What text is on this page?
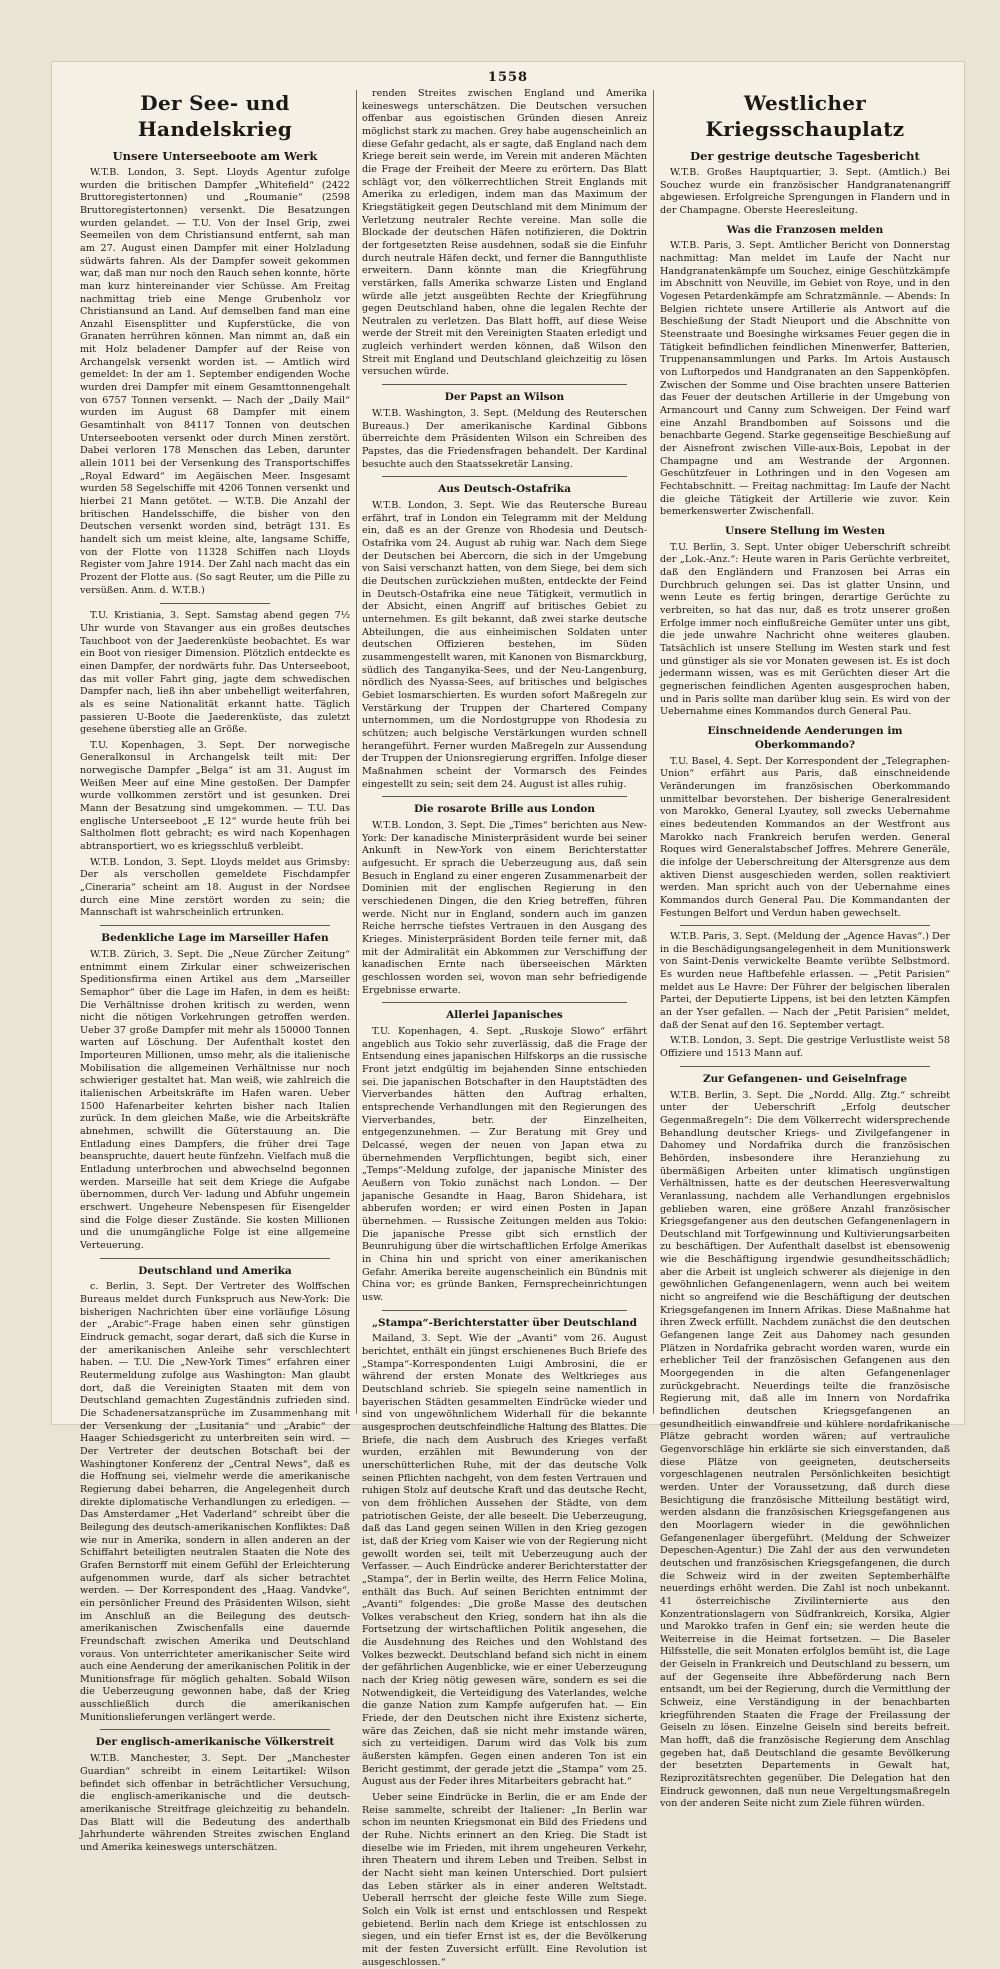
1558
Der See- und Handelskrieg
Unsere Unterseeboote am Werk

W.T.B. London, 3. Sept. Lloyds Agentur zufolge wurden die britischen Dampfer „Whitefield“ (2422 Bruttoregistertonnen) und „Roumanie“ (2598 Bruttoregistertonnen) versenkt. Die Besatzungen wurden gelandet. — T.U. Von der Insel Grip, zwei Seemeilen von dem Christiansund entfernt, sah man am 27. August einen Dampfer mit einer Holzladung südwärts fahren. Als der Dampfer soweit gekommen war, daß man nur noch den Rauch sehen konnte, hörte man kurz hintereinander vier Schüsse. Am Freitag nachmittag trieb eine Menge Grubenholz vor Christiansund an Land. Auf demselben fand man eine Anzahl Eisensplitter und Kupferstücke, die von Granaten herrühren können. Man nimmt an, daß ein mit Holz beladener Dampfer auf der Reise von Archangelsk versenkt worden ist. — Amtlich wird gemeldet: In der am 1. September endigenden Woche wurden drei Dampfer mit einem Gesamttonnengehalt von 6757 Tonnen versenkt. — Nach der „Daily Mail“ wurden im August 68 Dampfer mit einem Gesamtinhalt von 84117 Tonnen von deutschen Unterseebooten versenkt oder durch Minen zerstört. Dabei verloren 178 Menschen das Leben, darunter allein 1011 bei der Versenkung des Transportschiffes „Royal Edward“ im Aegäischen Meer. Insgesamt wurden 58 Segelschiffe mit 4206 Tonnen versenkt und hierbei 21 Mann getötet. — W.T.B. Die Anzahl der britischen Handelsschiffe, die bisher von den Deutschen versenkt worden sind, beträgt 131. Es handelt sich um meist kleine, alte, langsame Schiffe, von der Flotte von 11328 Schiffen nach Lloyds Register vom Jahre 1914. Der Zahl nach macht das ein Prozent der Flotte aus. (So sagt Reuter, um die Pille zu versüßen. Anm. d. W.T.B.)

T.U. Kristiania, 3. Sept. Samstag abend gegen 7½ Uhr wurde von Stavanger aus ein großes deutsches Tauchboot von der Jaederenküste beobachtet. Es war ein Boot von riesiger Dimension. Plötzlich entdeckte es einen Dampfer, der nordwärts fuhr. Das Unterseeboot, das mit voller Fahrt ging, jagte dem schwedischen Dampfer nach, ließ ihn aber unbehelligt weiterfahren, als es seine Nationalität erkannt hatte. Täglich passieren U-Boote die Jaederenküste, das zuletzt gesehene überstieg alle an Größe.

T.U. Kopenhagen, 3. Sept. Der norwegische Generalkonsul in Archangelsk teilt mit: Der norwegische Dampfer „Belga“ ist am 31. August im Weißen Meer auf eine Mine gestoßen. Der Dampfer wurde vollkommen zerstört und ist gesunken. Drei Mann der Besatzung sind umgekommen. — T.U. Das englische Unterseeboot „E 12“ wurde heute früh bei Saltholmen flott gebracht; es wird nach Kopenhagen abtransportiert, wo es kriegsschluß verbleibt.

W.T.B. London, 3. Sept. Lloyds meldet aus Grimsby: Der als verschollen gemeldete Fischdampfer „Cineraria“ scheint am 18. August in der Nordsee durch eine Mine zerstört worden zu sein; die Mannschaft ist wahrscheinlich ertrunken.

Bedenkliche Lage im Marseiller Hafen

W.T.B. Zürich, 3. Sept. Die „Neue Zürcher Zeitung“ entnimmt einem Zirkular einer schweizerischen Speditionsfirma einen Artikel aus dem „Marseiller Semaphor“ über die Lage im Hafen, in dem es heißt: Die Verhältnisse drohen kritisch zu werden, wenn nicht die nötigen Vorkehrungen getroffen werden. Ueber 37 große Dampfer mit mehr als 150000 Tonnen warten auf Löschung. Der Aufenthalt kostet den Importeuren Millionen, umso mehr, als die italienische Mobilisation die allgemeinen Verhältnisse nur noch schwieriger gestaltet hat. Man weiß, wie zahlreich die italienischen Arbeitskräfte im Hafen waren. Ueber 1500 Hafenarbeiter kehrten bisher nach Italien zurück. In dem gleichen Maße, wie die Arbeitskräfte abnehmen, schwillt die Güterstauung an. Die Entladung eines Dampfers, die früher drei Tage beanspruchte, dauert heute fünfzehn. Vielfach muß die Entladung unterbrochen und abwechselnd begonnen werden. Marseille hat seit dem Kriege die Aufgabe übernommen, durch Ver- ladung und Abfuhr ungemein erschwert. Ungeheure Nebenspesen für Eisengelder sind die Folge dieser Zustände. Sie kosten Millionen und die unumgängliche Folge ist eine allgemeine Verteuerung.

Deutschland und Amerika

c. Berlin, 3. Sept. Der Vertreter des Wolffschen Bureaus meldet durch Funkspruch aus New-York: Die bisherigen Nachrichten über eine vorläufige Lösung der „Arabic“-Frage haben einen sehr günstigen Eindruck gemacht, sogar derart, daß sich die Kurse in der amerikanischen Anleihe sehr verschlechtert haben. — T.U. Die „New-York Times“ erfahren einer Reutermeldung zufolge aus Washington: Man glaubt dort, daß die Vereinigten Staaten mit dem von Deutschland gemachten Zugeständnis zufrieden sind. Die Schadenersatzansprüche im Zusammenhang mit der Versenkung der „Lusitania“ und „Arabic“ der Haager Schiedsgericht zu unterbreiten sein wird. — Der Vertreter der deutschen Botschaft bei der Washingtoner Konferenz der „Central News“, daß es die Hoffnung sei, vielmehr werde die amerikanische Regierung dabei beharren, die Angelegenheit durch direkte diplomatische Verhandlungen zu erledigen. — Das Amsterdamer „Het Vaderland“ schreibt über die Beilegung des deutsch-amerikanischen Konfliktes: Daß wie nur in Amerika, sondern in allen anderen an der Schiffahrt beteiligten neutralen Staaten die Note des Grafen Bernstorff mit einem Gefühl der Erleichterung aufgenommen wurde, darf als sicher betrachtet werden. — Der Korrespondent des „Haag. Vandvke“, ein persönlicher Freund des Präsidenten Wilson, sieht im Anschluß an die Beilegung des deutsch-amerikanischen Zwischenfalls eine dauernde Freundschaft zwischen Amerika und Deutschland voraus. Von unterrichteter amerikanischer Seite wird auch eine Aenderung der amerikanischen Politik in der Munitionsfrage für möglich gehalten. Sobald Wilson die Ueberzeugung gewonnen habe, daß der Krieg ausschließlich durch die amerikanischen Munitionslieferungen verlängert werde.

Der englisch-amerikanische Völkerstreit

W.T.B. Manchester, 3. Sept. Der „Manchester Guardian“ schreibt in einem Leitartikel: Wilson befindet sich offenbar in beträchtlicher Versuchung, die englisch-amerikanische und die deutsch-amerikanische Streitfrage gleichzeitig zu behandeln. Das Blatt will die Bedeutung des anderthalb Jahrhunderte währenden Streites zwischen England und Amerika keineswegs unterschätzen.

renden Streites zwischen England und Amerika keineswegs unterschätzen. Die Deutschen versuchen offenbar aus egoistischen Gründen diesen Anreiz möglichst stark zu machen. Grey habe augenscheinlich an diese Gefahr gedacht, als er sagte, daß England nach dem Kriege bereit sein werde, im Verein mit anderen Mächten die Frage der Freiheit der Meere zu erörtern. Das Blatt schlägt vor, den völkerrechtlichen Streit Englands mit Amerika zu erledigen, indem man das Maximum der Kriegstätigkeit gegen Deutschland mit dem Minimum der Verletzung neutraler Rechte vereine. Man solle die Blockade der deutschen Häfen notifizieren, die Doktrin der fortgesetzten Reise ausdehnen, sodaß sie die Einfuhr durch neutrale Häfen deckt, und ferner die Bannguthliste erweitern. Dann könnte man die Kriegführung verstärken, falls Amerika schwarze Listen und England würde alle jetzt ausgeübten Rechte der Kriegführung gegen Deutschland haben, ohne die legalen Rechte der Neutralen zu verletzen. Das Blatt hofft, auf diese Weise werde der Streit mit den Vereinigten Staaten erledigt und zugleich verhindert werden können, daß Wilson den Streit mit England und Deutschland gleichzeitig zu lösen versuchen würde.

Der Papst an Wilson

W.T.B. Washington, 3. Sept. (Meldung des Reuterschen Bureaus.) Der amerikanische Kardinal Gibbons überreichte dem Präsidenten Wilson ein Schreiben des Papstes, das die Friedensfragen behandelt. Der Kardinal besuchte auch den Staatssekretär Lansing.

Aus Deutsch-Ostafrika

W.T.B. London, 3. Sept. Wie das Reutersche Bureau erfährt, traf in London ein Telegramm mit der Meldung ein, daß es an der Grenze von Rhodesia und Deutsch-Ostafrika vom 24. August ab ruhig war. Nach dem Siege der Deutschen bei Abercorn, die sich in der Umgebung von Saisi verschanzt hatten, von dem Siege, bei dem sich die Deutschen zurückziehen mußten, entdeckte der Feind in Deutsch-Ostafrika eine neue Tätigkeit, vermutlich in der Absicht, einen Angriff auf britisches Gebiet zu unternehmen. Es gilt bekannt, daß zwei starke deutsche Abteilungen, die aus einheimischen Soldaten unter deutschen Offizieren bestehen, im Süden zusammengestellt waren, mit Kanonen von Bismarckburg, südlich des Tanganyika-Sees, und der Neu-Langenburg, nördlich des Nyassa-Sees, auf britisches und belgisches Gebiet losmarschierten. Es wurden sofort Maßregeln zur Verstärkung der Truppen der Chartered Company unternommen, um die Nordostgruppe von Rhodesia zu schützen; auch belgische Verstärkungen wurden schnell herangeführt. Ferner wurden Maßregeln zur Aussendung der Truppen der Unionsregierung ergriffen. Infolge dieser Maßnahmen scheint der Vormarsch des Feindes eingestellt zu sein; seit dem 24. August ist alles ruhig.

Die rosarote Brille aus London

W.T.B. London, 3. Sept. Die „Times“ berichten aus New-York: Der kanadische Ministerpräsident wurde bei seiner Ankunft in New-York von einem Berichterstatter aufgesucht. Er sprach die Ueberzeugung aus, daß sein Besuch in England zu einer engeren Zusammenarbeit der Dominien mit der englischen Regierung in den verschiedenen Dingen, die den Krieg betreffen, führen werde. Nicht nur in England, sondern auch im ganzen Reiche herrsche tiefstes Vertrauen in den Ausgang des Krieges. Ministerpräsident Borden teile ferner mit, daß mit der Admiralität ein Abkommen zur Verschiffung der kanadischen Ernte nach überseeischen Märkten geschlossen worden sei, wovon man sehr befriedigende Ergebnisse erwarte.

Allerlei Japanisches

T.U. Kopenhagen, 4. Sept. „Ruskoje Slowo“ erfährt angeblich aus Tokio sehr zuverlässig, daß die Frage der Entsendung eines japanischen Hilfskorps an die russische Front jetzt endgültig im bejahenden Sinne entschieden sei. Die japanischen Botschafter in den Hauptstädten des Vierverbandes hätten den Auftrag erhalten, entsprechende Verhandlungen mit den Regierungen des Vierverbandes, betr. der Einzelheiten, entgegenzunehmen. — Zur Beratung mit Grey und Delcassé, wegen der neuen von Japan etwa zu übernehmenden Verpflichtungen, begibt sich, einer „Temps“-Meldung zufolge, der japanische Minister des Aeußern von Tokio zunächst nach London. — Der japanische Gesandte in Haag, Baron Shidehara, ist abberufen worden; er wird einen Posten in Japan übernehmen. — Russische Zeitungen melden aus Tokio: Die japanische Presse gibt sich ernstlich der Beunruhigung über die wirtschaftlichen Erfolge Amerikas in China hin und spricht von einer amerikanischen Gefahr. Amerika bereite augenscheinlich ein Bündnis mit China vor; es gründe Banken, Fernsprecheinrichtungen usw.

„Stampa“-Berichterstatter über Deutschland

Mailand, 3. Sept. Wie der „Avanti“ vom 26. August berichtet, enthält ein jüngst erschienenes Buch Briefe des „Stampa“-Korrespondenten Luigi Ambrosini, die er während der ersten Monate des Weltkrieges aus Deutschland schrieb. Sie spiegeln seine namentlich in bayerischen Städten gesammelten Eindrücke wieder und sind von ungewöhnlichem Widerhall für die bekannte ausgesprochen deutschfeindliche Haltung des Blattes. Die Briefe, die nach dem Ausbruch des Krieges verfaßt wurden, erzählen mit Bewunderung von der unerschütterlichen Ruhe, mit der das deutsche Volk seinen Pflichten nachgeht, von dem festen Vertrauen und ruhigen Stolz auf deutsche Kraft und das deutsche Recht, von dem fröhlichen Aussehen der Städte, von dem patriotischen Geiste, der alle beseelt. Die Ueberzeugung, daß das Land gegen seinen Willen in den Krieg gezogen ist, daß der Krieg vom Kaiser wie von der Regierung nicht gewollt worden sei, teilt mit Ueberzeugung auch der Verfasser. — Auch Eindrücke anderer Berichterstatter der „Stampa“, der in Berlin weilte, des Herrn Felice Molina, enthält das Buch. Auf seinen Berichten entnimmt der „Avanti“ folgendes: „Die große Masse des deutschen Volkes verabscheut den Krieg, sondern hat ihn als die Fortsetzung der wirtschaftlichen Politik angesehen, die die Ausdehnung des Reiches und den Wohlstand des Volkes bezweckt. Deutschland befand sich nicht in einem der gefährlichen Augenblicke, wie er einer Ueberzeugung nach der Krieg nötig gewesen wäre, sondern es sei die Notwendigkeit, die Verteidigung des Vaterlandes, welche die ganze Nation zum Kampfe aufgerufen hat. — Ein Friede, der den Deutschen nicht ihre Existenz sicherte, wäre das Zeichen, daß sie nicht mehr imstande wären, sich zu verteidigen. Darum wird das Volk bis zum äußersten kämpfen. Gegen einen anderen Ton ist ein Bericht gestimmt, der gerade jetzt die „Stampa“ vom 25. August aus der Feder ihres Mitarbeiters gebracht hat.“

Ueber seine Eindrücke in Berlin, die er am Ende der Reise sammelte, schreibt der Italiener: „In Berlin war schon im neunten Kriegsmonat ein Bild des Friedens und der Ruhe. Nichts erinnert an den Krieg. Die Stadt ist dieselbe wie im Frieden, mit ihrem ungeheuren Verkehr, ihren Theatern und ihrem Leben und Treiben. Selbst in der Nacht sieht man keinen Unterschied. Dort pulsiert das Leben stärker als in einer anderen Weltstadt. Ueberall herrscht der gleiche feste Wille zum Siege. Solch ein Volk ist ernst und entschlossen und Respekt gebietend. Berlin nach dem Kriege ist entschlossen zu siegen, und ein tiefer Ernst ist es, der die Bevölkerung mit der festen Zuversicht erfüllt. Eine Revolution ist ausgeschlossen.“

Westlicher Kriegsschauplatz
Der gestrige deutsche Tagesbericht

W.T.B. Großes Hauptquartier, 3. Sept. (Amtlich.) Bei Souchez wurde ein französischer Handgranatenangriff abgewiesen. Erfolgreiche Sprengungen in Flandern und in der Champagne. Oberste Heeresleitung.

Was die Franzosen melden

W.T.B. Paris, 3. Sept. Amtlicher Bericht von Donnerstag nachmittag: Man meldet im Laufe der Nacht nur Handgranatenkämpfe um Souchez, einige Geschützkämpfe im Abschnitt von Neuville, im Gebiet von Roye, und in den Vogesen Petardenkämpfe am Schratzmännle. — Abends: In Belgien richtete unsere Artillerie als Antwort auf die Beschießung der Stadt Nieuport und die Abschnitte von Steenstraate und Boesinghe wirksames Feuer gegen die in Tätigkeit befindlichen feindlichen Minenwerfer, Batterien, Truppenansammlungen und Parks. Im Artois Austausch von Luftorpedos und Handgranaten an den Sappenköpfen. Zwischen der Somme und Oise brachten unsere Batterien das Feuer der deutschen Artillerie in der Umgebung von Armancourt und Canny zum Schweigen. Der Feind warf eine Anzahl Brandbomben auf Soissons und die benachbarte Gegend. Starke gegenseitige Beschießung auf der Aisnefront zwischen Ville-aux-Bois, Lepobat in der Champagne und am Westrande der Argonnen. Geschützfeuer in Lothringen und in den Vogesen am Fechtabschnitt. — Freitag nachmittag: Im Laufe der Nacht die gleiche Tätigkeit der Artillerie wie zuvor. Kein bemerkenswerter Zwischenfall.

Unsere Stellung im Westen

T.U. Berlin, 3. Sept. Unter obiger Ueberschrift schreibt der „Lok.-Anz.“: Heute waren in Paris Gerüchte verbreitet, daß den Engländern und Franzosen bei Arras ein Durchbruch gelungen sei. Das ist glatter Unsinn, und wenn Leute es fertig bringen, derartige Gerüchte zu verbreiten, so hat das nur, daß es trotz unserer großen Erfolge immer noch einflußreiche Gemüter unter uns gibt, die jede unwahre Nachricht ohne weiteres glauben. Tatsächlich ist unsere Stellung im Westen stark und fest und günstiger als sie vor Monaten gewesen ist. Es ist doch jedermann wissen, was es mit Gerüchten dieser Art die gegnerischen feindlichen Agenten ausgesprochen haben, und in Paris sollte man darüber klug sein. Es wird von der Uebernahme eines Kommandos durch General Pau.

Einschneidende Aenderungen im Oberkommando?

T.U. Basel, 4. Sept. Der Korrespondent der „Telegraphen-Union“ erfährt aus Paris, daß einschneidende Veränderungen im französischen Oberkommando unmittelbar bevorstehen. Der bisherige Generalresident von Marokko, General Lyautey, soll zwecks Uebernahme eines bedeutenden Kommandos an der Westfront aus Marokko nach Frankreich berufen werden. General Roques wird Generalstabschef Joffres. Mehrere Generäle, die infolge der Ueberschreitung der Altersgrenze aus dem aktiven Dienst ausgeschieden werden, sollen reaktiviert werden. Man spricht auch von der Uebernahme eines Kommandos durch General Pau. Die Kommandanten der Festungen Belfort und Verdun haben gewechselt.

W.T.B. Paris, 3. Sept. (Meldung der „Agence Havas“.) Der in die Beschädigungsangelegenheit in dem Munitionswerk von Saint-Denis verwickelte Beamte verübte Selbstmord. Es wurden neue Haftbefehle erlassen. — „Petit Parisien“ meldet aus Le Havre: Der Führer der belgischen liberalen Partei, der Deputierte Lippens, ist bei den letzten Kämpfen an der Yser gefallen. — Nach der „Petit Parisien“ meldet, daß der Senat auf den 16. September vertagt.

W.T.B. London, 3. Sept. Die gestrige Verlustliste weist 58 Offiziere und 1513 Mann auf.

Zur Gefangenen- und Geiselnfrage

W.T.B. Berlin, 3. Sept. Die „Nordd. Allg. Ztg.“ schreibt unter der Ueberschrift „Erfolg deutscher Gegenmaßregeln“: Die dem Völkerrecht widersprechende Behandlung deutscher Kriegs- und Zivilgefangener in Dahomey und Nordafrika durch die französischen Behörden, insbesondere ihre Heranziehung zu übermäßigen Arbeiten unter klimatisch ungünstigen Verhältnissen, hatte es der deutschen Heeresverwaltung Veranlassung, nachdem alle Verhandlungen ergebnislos geblieben waren, eine größere Anzahl französischer Kriegsgefangener aus den deutschen Gefangenenlagern in Deutschland mit Torfgewinnung und Kultivierungsarbeiten zu beschäftigen. Der Aufenthalt daselbst ist ebensowenig wie die Beschäftigung irgendwie gesundheitsschädlich; aber die Arbeit ist ungleich schwerer als diejenige in den gewöhnlichen Gefangenenlagern, wenn auch bei weitem nicht so angreifend wie die Beschäftigung der deutschen Kriegsgefangenen im Innern Afrikas. Diese Maßnahme hat ihren Zweck erfüllt. Nachdem zunächst die den deutschen Gefangenen lange Zeit aus Dahomey nach gesunden Plätzen in Nordafrika gebracht worden waren, wurde ein erheblicher Teil der französischen Gefangenen aus den Moorgegenden in die alten Gefangenenlager zurückgebracht. Neuerdings teilte die französische Regierung mit, daß alle im Innern von Nordafrika befindlichen deutschen Kriegsgefangenen an gesundheitlich einwandfreie und kühlere nordafrikanische Plätze gebracht worden wären; auf vertrauliche Gegenvorschläge hin erklärte sie sich einverstanden, daß diese Plätze von geeigneten, deutscherseits vorgeschlagenen neutralen Persönlichkeiten besichtigt werden. Unter der Voraussetzung, daß durch diese Besichtigung die französische Mitteilung bestätigt wird, werden alsdann die französischen Kriegsgefangenen aus den Moorlagern wieder in die gewöhnlichen Gefangenenlager übergeführt. (Meldung der Schweizer Depeschen-Agentur.) Die Zahl der aus den verwundeten deutschen und französischen Kriegsgefangenen, die durch die Schweiz wird in der zweiten Septemberhälfte neuerdings erhöht werden. Die Zahl ist noch unbekannt. 41 österreichische Zivilinternierte aus den Konzentrationslagern von Südfrankreich, Korsika, Algier und Marokko trafen in Genf ein; sie werden heute die Weiterreise in die Heimat fortsetzen. — Die Baseler Hilfsstelle, die seit Monaten erfolglos bemüht ist, die Lage der Geiseln in Frankreich und Deutschland zu bessern, um auf der Gegenseite ihre Abbeförderung nach Bern entsandt, um bei der Regierung, durch die Vermittlung der Schweiz, eine Verständigung in der benachbarten kriegführenden Staaten die Frage der Freilassung der Geiseln zu lösen. Einzelne Geiseln sind bereits befreit. Man hofft, daß die französische Regierung dem Anschlag gegeben hat, daß Deutschland die gesamte Bevölkerung der besetzten Departements in Gewalt hat, Reziprozitätsrechten gegenüber. Die Delegation hat den Eindruck gewonnen, daß nun neue Vergeltungsmaßregeln von der anderen Seite nicht zum Ziele führen würden.
